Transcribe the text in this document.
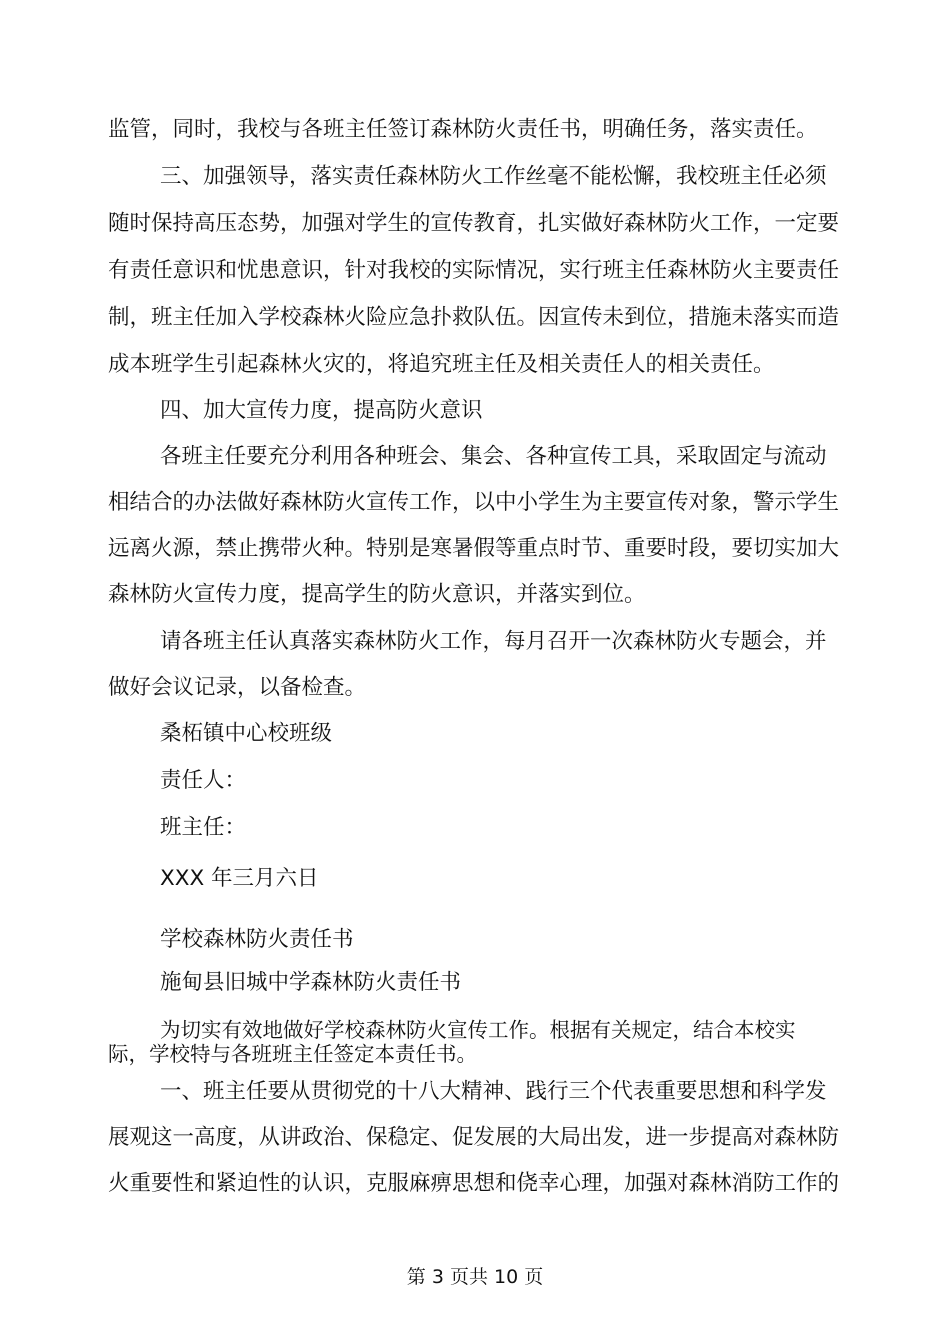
监管，同时，我校与各班主任签订森林防火责任书，明确任务，落实责任。

三、加强领导，落实责任森林防火工作丝毫不能松懈，我校班主任必须

随时保持高压态势，加强对学生的宣传教育，扎实做好森林防火工作，一定要

有责任意识和忧患意识，针对我校的实际情况，实行班主任森林防火主要责任

制，班主任加入学校森林火险应急扑救队伍。因宣传未到位，措施未落实而造

成本班学生引起森林火灾的，将追究班主任及相关责任人的相关责任。

四、加大宣传力度，提高防火意识

各班主任要充分利用各种班会、集会、各种宣传工具，采取固定与流动

相结合的办法做好森林防火宣传工作，以中小学生为主要宣传对象，警示学生

远离火源，禁止携带火种。特别是寒暑假等重点时节、重要时段，要切实加大

森林防火宣传力度，提高学生的防火意识，并落实到位。

请各班主任认真落实森林防火工作，每月召开一次森林防火专题会，并

做好会议记录，以备检查。

桑柘镇中心校班级

责任人：

班主任：

XXX 年三月六日

学校森林防火责任书

施甸县旧城中学森林防火责任书

为切实有效地做好学校森林防火宣传工作。根据有关规定，结合本校实

际，学校特与各班班主任签定本责任书。

一、班主任要从贯彻党的十八大精神、践行三个代表重要思想和科学发

展观这一高度，从讲政治、保稳定、促发展的大局出发，进一步提高对森林防

火重要性和紧迫性的认识，克服麻痹思想和侥幸心理，加强对森林消防工作的

第 3 页共 10 页
